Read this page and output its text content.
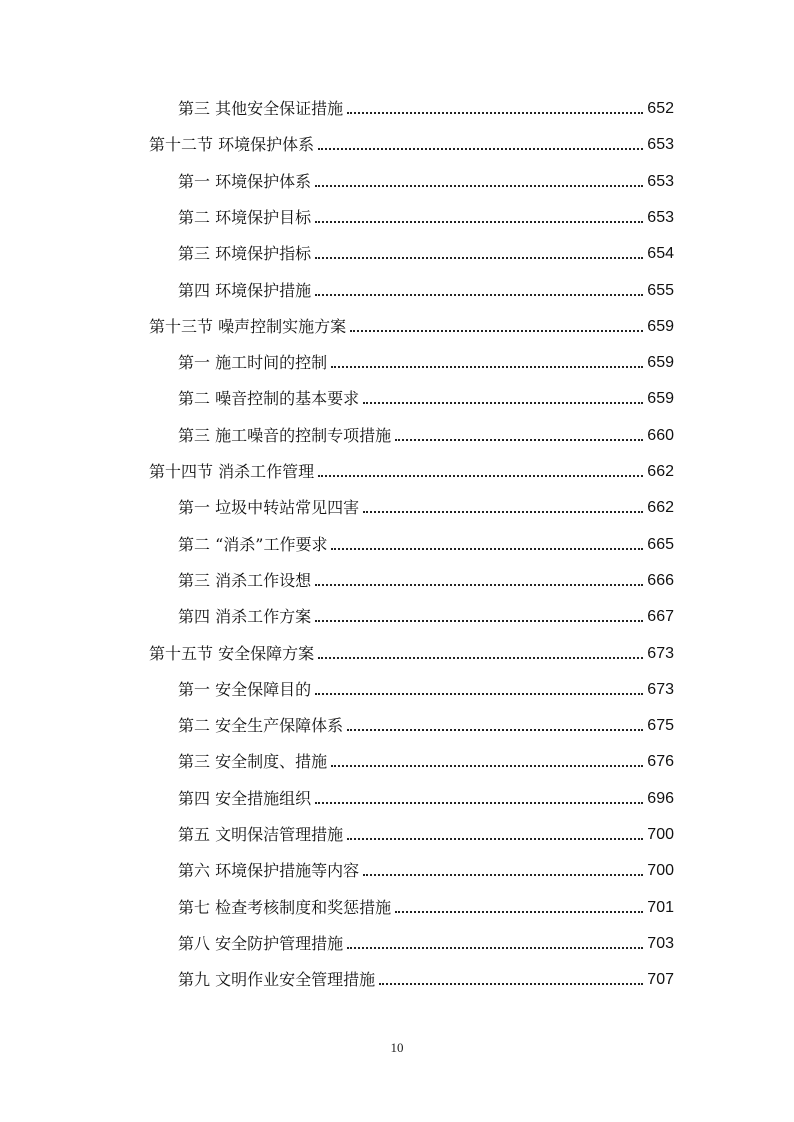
第三 其他安全保证措施	652
第十二节 环境保护体系	653
第一 环境保护体系	653
第二 环境保护目标	653
第三 环境保护指标	654
第四 环境保护措施	655
第十三节 噪声控制实施方案	659
第一 施工时间的控制	659
第二 噪音控制的基本要求	659
第三 施工噪音的控制专项措施	660
第十四节 消杀工作管理	662
第一 垃圾中转站常见四害	662
第二 “消杀”工作要求	665
第三 消杀工作设想	666
第四 消杀工作方案	667
第十五节 安全保障方案	673
第一 安全保障目的	673
第二 安全生产保障体系	675
第三 安全制度、措施	676
第四 安全措施组织	696
第五 文明保洁管理措施	700
第六 环境保护措施等内容	700
第七 检查考核制度和奖惩措施	701
第八 安全防护管理措施	703
第九 文明作业安全管理措施	707
10
